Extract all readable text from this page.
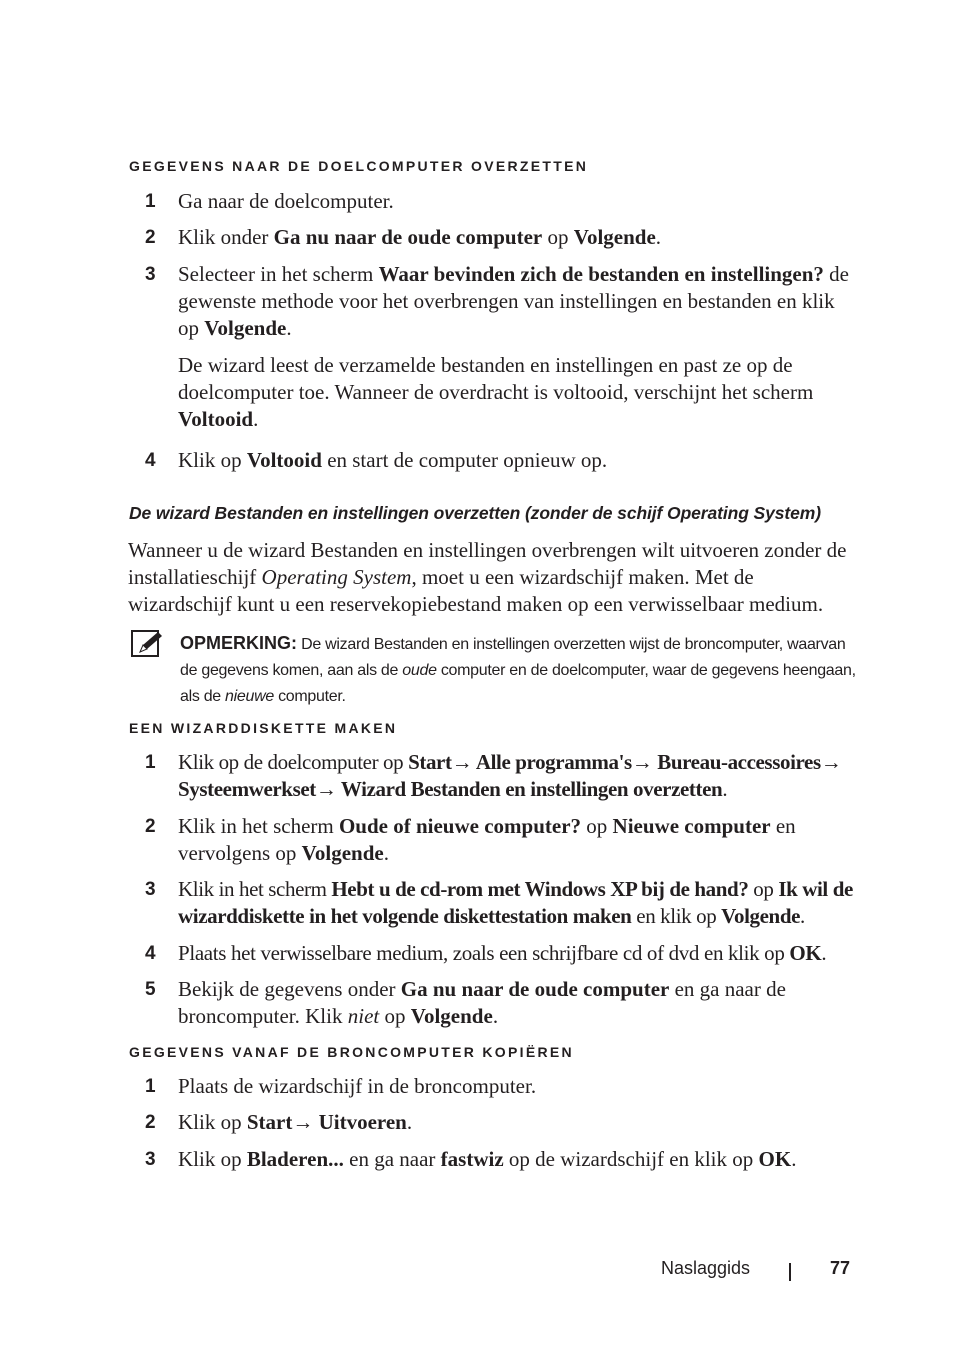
GEGEVENS NAAR DE DOELCOMPUTER OVERZETTEN
1 Ga naar de doelcomputer.
2 Klik onder Ga nu naar de oude computer op Volgende.
3 Selecteer in het scherm Waar bevinden zich de bestanden en instellingen? de gewenste methode voor het overbrengen van instellingen en bestanden en klik op Volgende.
De wizard leest de verzamelde bestanden en instellingen en past ze op de doelcomputer toe. Wanneer de overdracht is voltooid, verschijnt het scherm Voltooid.
4 Klik op Voltooid en start de computer opnieuw op.
De wizard Bestanden en instellingen overzetten (zonder de schijf Operating System)
Wanneer u de wizard Bestanden en instellingen overbrengen wilt uitvoeren zonder de installatieschijf Operating System, moet u een wizardschijf maken. Met de wizardschijf kunt u een reservekopiebestand maken op een verwisselbaar medium.
OPMERKING: De wizard Bestanden en instellingen overzetten wijst de broncomputer, waarvan de gegevens komen, aan als de oude computer en de doelcomputer, waar de gegevens heengaan, als de nieuwe computer.
EEN WIZARDDISKETTE MAKEN
1 Klik op de doelcomputer op Start→ Alle programma's→ Bureau-accessoires→ Systeemwerkset→ Wizard Bestanden en instellingen overzetten.
2 Klik in het scherm Oude of nieuwe computer? op Nieuwe computer en vervolgens op Volgende.
3 Klik in het scherm Hebt u de cd-rom met Windows XP bij de hand? op Ik wil de wizarddiskette in het volgende diskettestation maken en klik op Volgende.
4 Plaats het verwisselbare medium, zoals een schrijfbare cd of dvd en klik op OK.
5 Bekijk de gegevens onder Ga nu naar de oude computer en ga naar de broncomputer. Klik niet op Volgende.
GEGEVENS VANAF DE BRONCOMPUTER KOPIËREN
1 Plaats de wizardschijf in de broncomputer.
2 Klik op Start→ Uitvoeren.
3 Klik op Bladeren... en ga naar fastwiz op de wizardschijf en klik op OK.
Naslaggids	77
